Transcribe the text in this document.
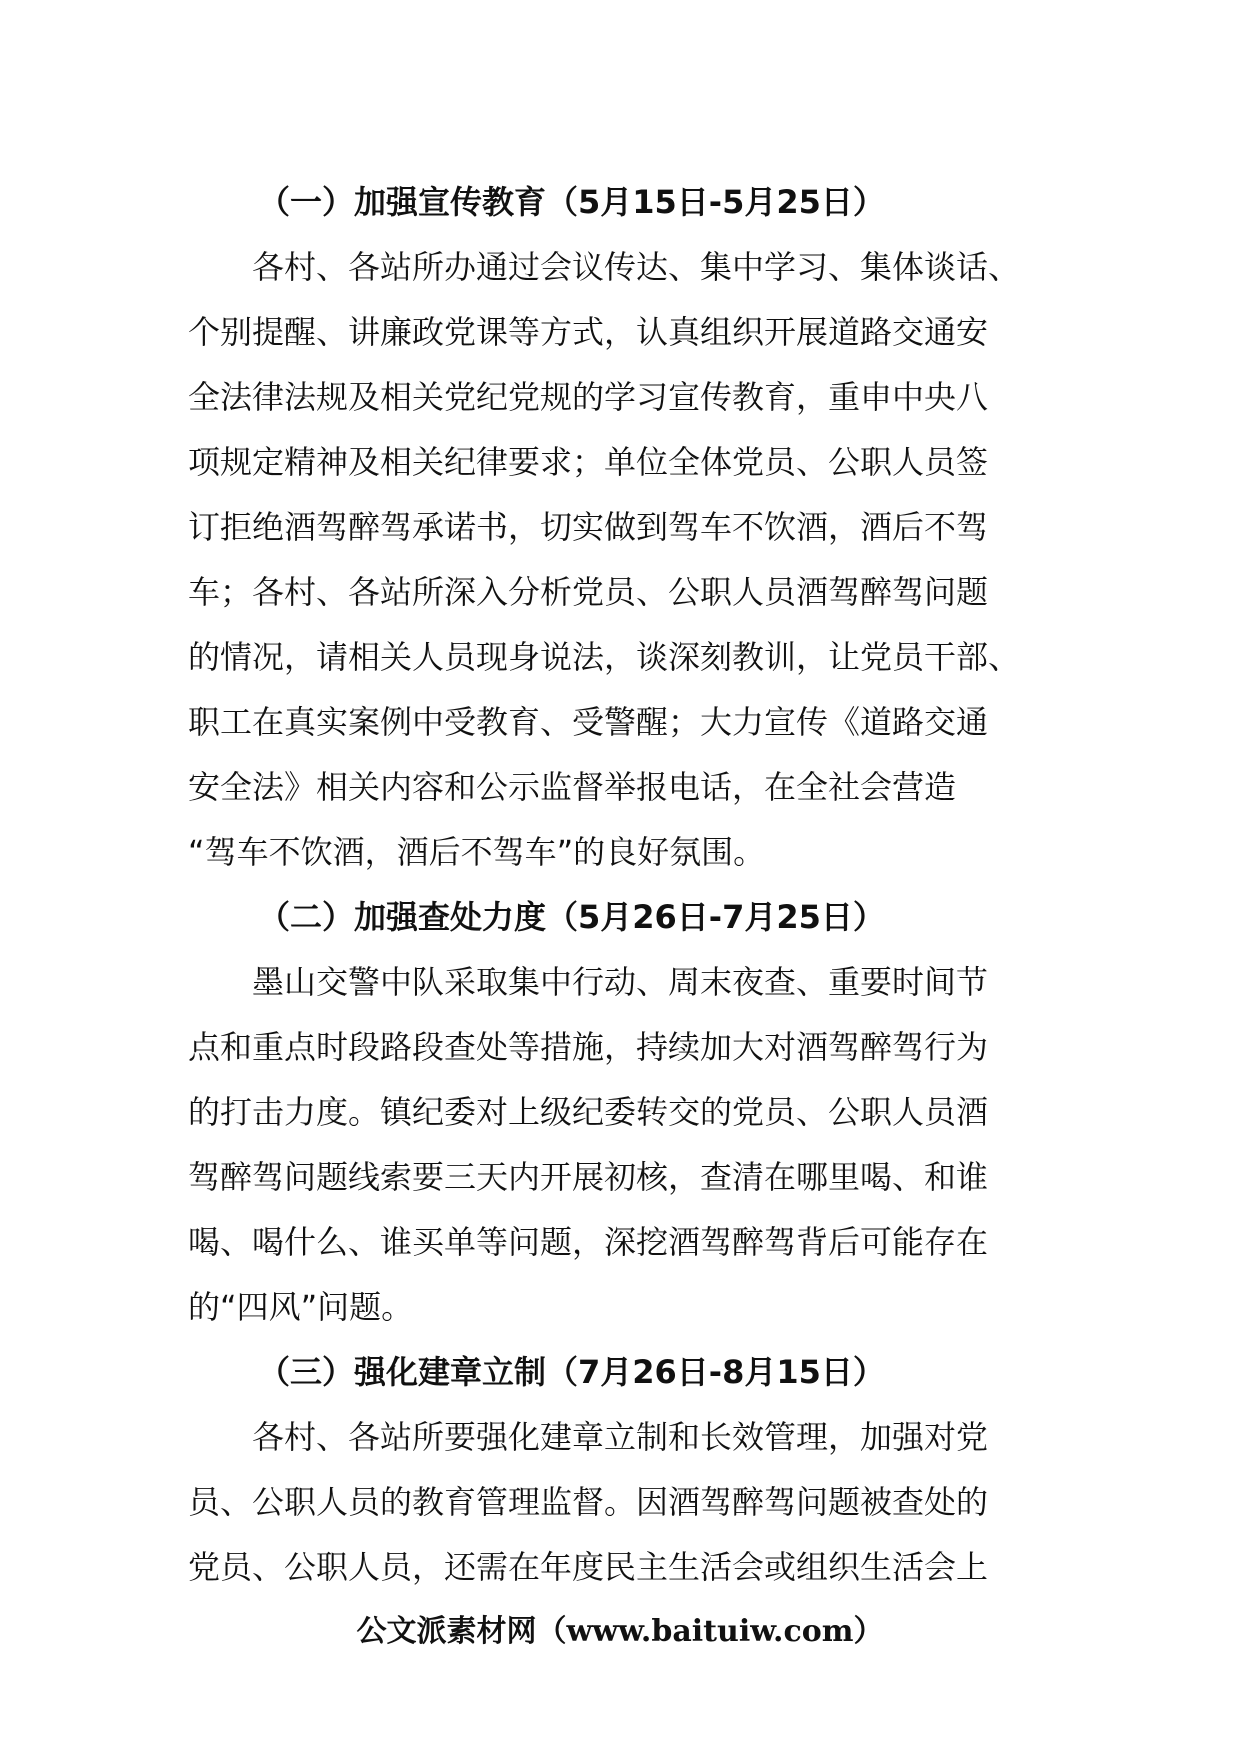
（一）加强宣传教育（5月15日-5月25日）
各村、各站所办通过会议传达、集中学习、集体谈话、
个别提醒、讲廉政党课等方式，认真组织开展道路交通安
全法律法规及相关党纪党规的学习宣传教育，重申中央八
项规定精神及相关纪律要求；单位全体党员、公职人员签
订拒绝酒驾醉驾承诺书，切实做到驾车不饮酒，酒后不驾
车；各村、各站所深入分析党员、公职人员酒驾醉驾问题
的情况，请相关人员现身说法，谈深刻教训，让党员干部、
职工在真实案例中受教育、受警醒；大力宣传《道路交通
安全法》相关内容和公示监督举报电话，在全社会营造
“驾车不饮酒，酒后不驾车”的良好氛围。
（二）加强查处力度（5月26日-7月25日）
墨山交警中队采取集中行动、周末夜查、重要时间节
点和重点时段路段查处等措施，持续加大对酒驾醉驾行为
的打击力度。镇纪委对上级纪委转交的党员、公职人员酒
驾醉驾问题线索要三天内开展初核，查清在哪里喝、和谁
喝、喝什么、谁买单等问题，深挖酒驾醉驾背后可能存在
的“四风”问题。
（三）强化建章立制（7月26日-8月15日）
各村、各站所要强化建章立制和长效管理，加强对党
员、公职人员的教育管理监督。因酒驾醉驾问题被查处的
党员、公职人员，还需在年度民主生活会或组织生活会上
公文派素材网（www.baituiw.com）
